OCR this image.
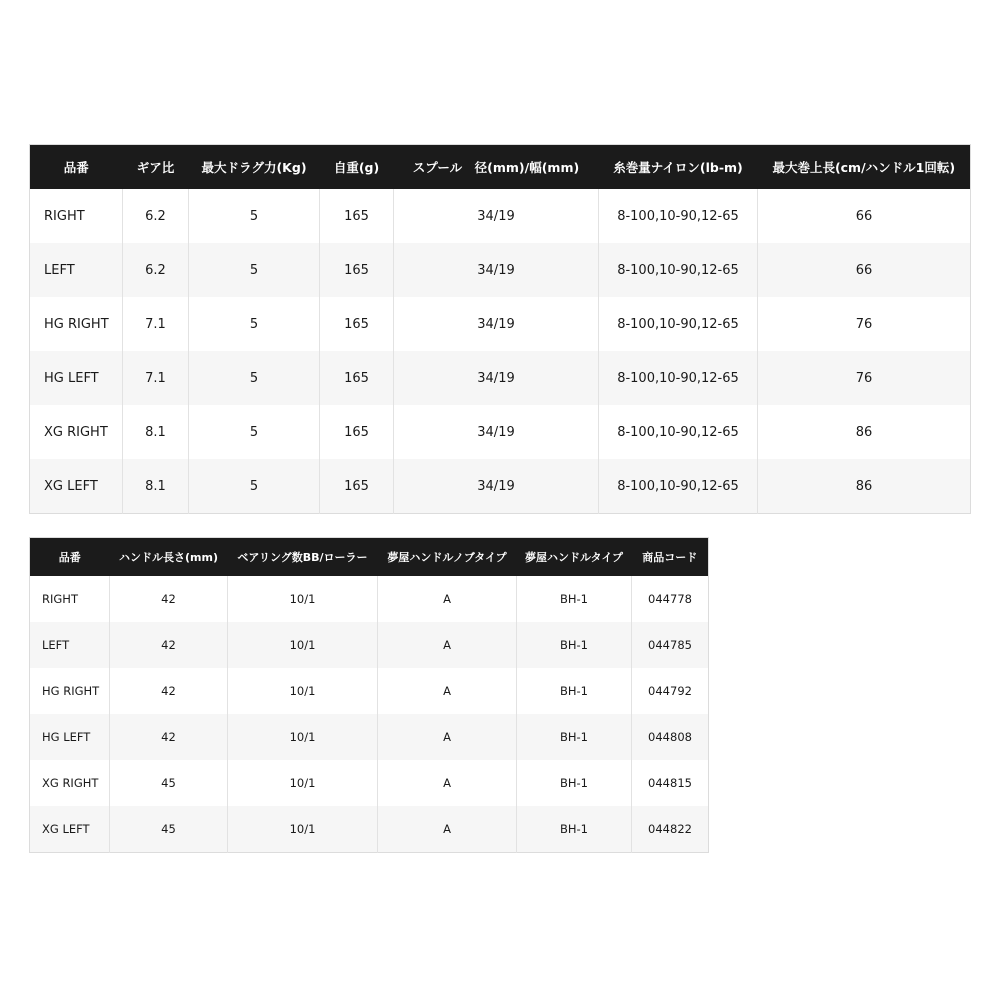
品番	ギア比	最大ドラグ力(Kg)	自重(g)	スプール　径(mm)/幅(mm)	糸巻量ナイロン(lb-m)	最大巻上長(cm/ハンドル1回転)
RIGHT	6.2	5	165	34/19	8-100,10-90,12-65	66
LEFT	6.2	5	165	34/19	8-100,10-90,12-65	66
HG RIGHT	7.1	5	165	34/19	8-100,10-90,12-65	76
HG LEFT	7.1	5	165	34/19	8-100,10-90,12-65	76
XG RIGHT	8.1	5	165	34/19	8-100,10-90,12-65	86
XG LEFT	8.1	5	165	34/19	8-100,10-90,12-65	86
品番	ハンドル長さ(mm)	ベアリング数BB/ローラー	夢屋ハンドルノブタイプ	夢屋ハンドルタイプ	商品コード
RIGHT	42	10/1	A	BH-1	044778
LEFT	42	10/1	A	BH-1	044785
HG RIGHT	42	10/1	A	BH-1	044792
HG LEFT	42	10/1	A	BH-1	044808
XG RIGHT	45	10/1	A	BH-1	044815
XG LEFT	45	10/1	A	BH-1	044822
